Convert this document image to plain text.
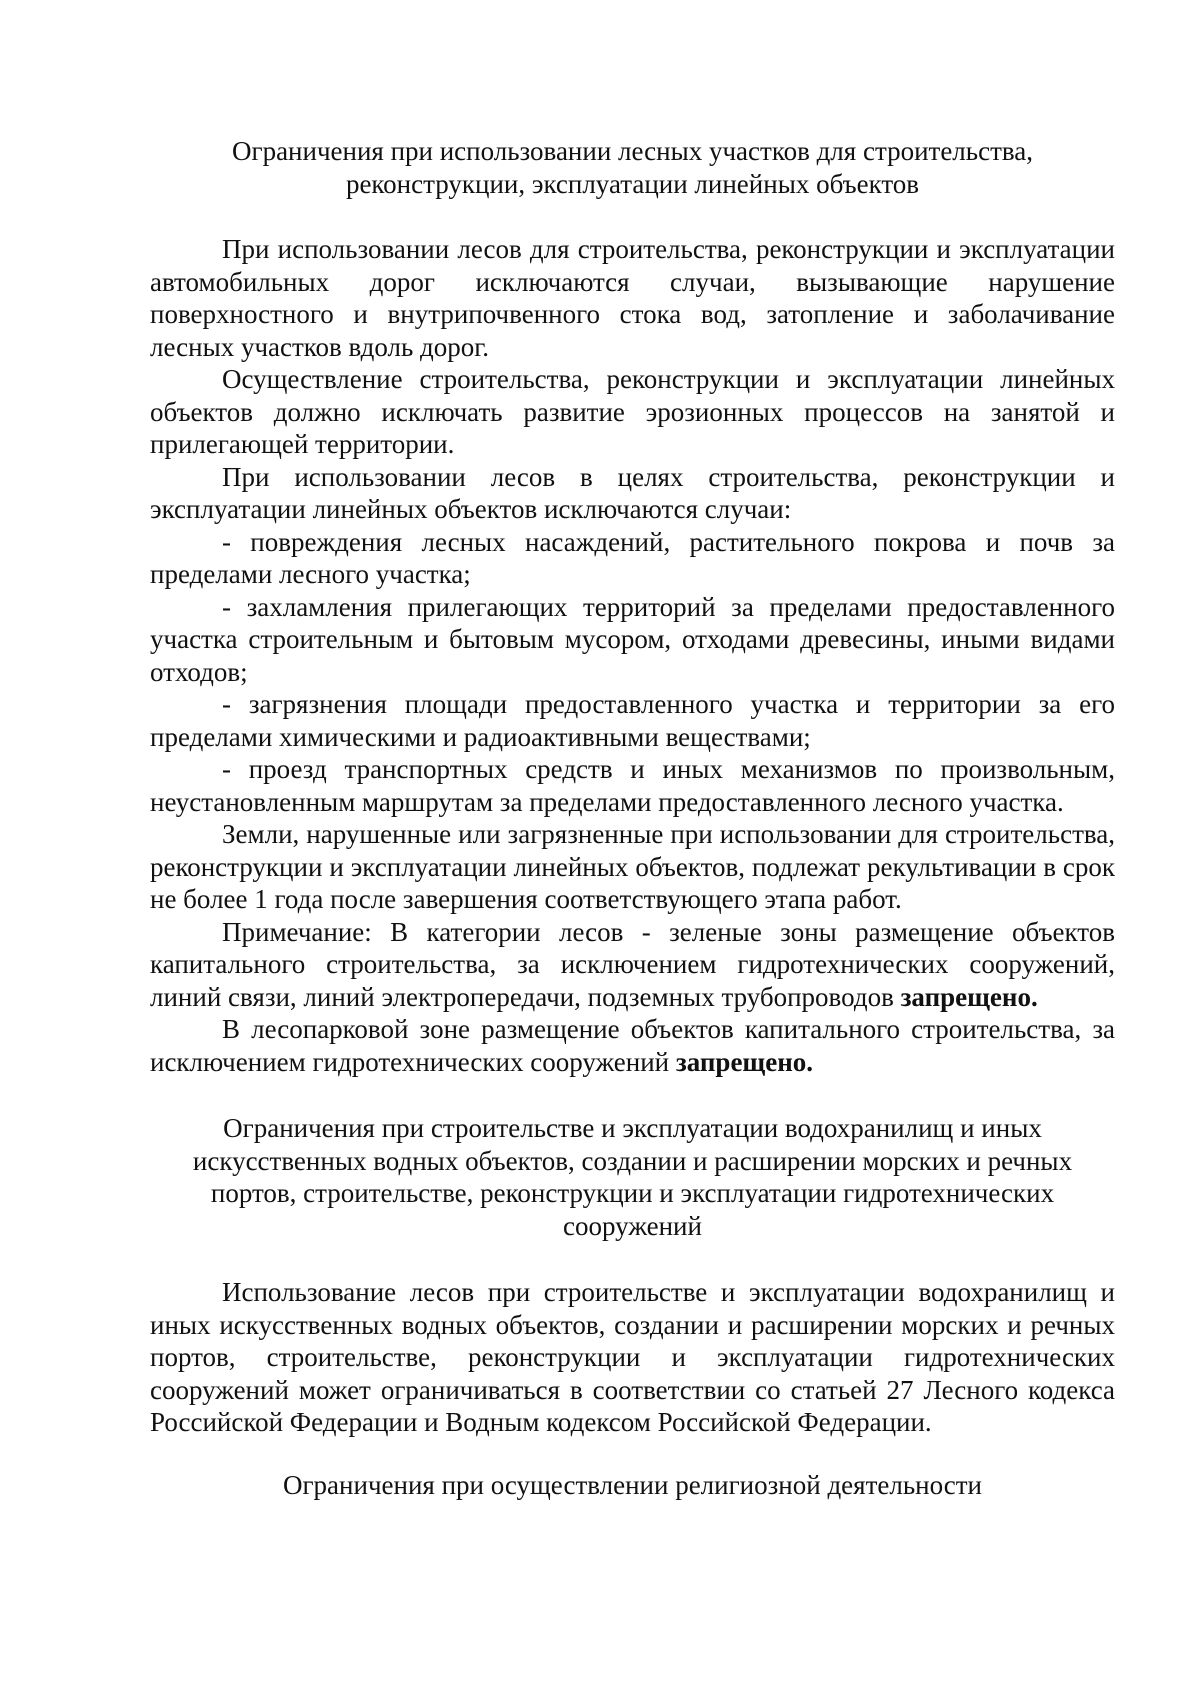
Ограничения при использовании лесных участков для строительства,
реконструкции, эксплуатации линейных объектов

При использовании лесов для строительства, реконструкции и эксплуатации автомобильных дорог исключаются случаи, вызывающие нарушение поверхностного и внутрипочвенного стока вод, затопление и заболачивание лесных участков вдоль дорог.

Осуществление строительства, реконструкции и эксплуатации линейных объектов должно исключать развитие эрозионных процессов на занятой и прилегающей территории.

При использовании лесов в целях строительства, реконструкции и эксплуатации линейных объектов исключаются случаи:

- повреждения лесных насаждений, растительного покрова и почв за пределами лесного участка;

- захламления прилегающих территорий за пределами предоставленного участка строительным и бытовым мусором, отходами древесины, иными видами отходов;

- загрязнения площади предоставленного участка и территории за его пределами химическими и радиоактивными веществами;

- проезд транспортных средств и иных механизмов по произвольным, неустановленным маршрутам за пределами предоставленного лесного участка.

Земли, нарушенные или загрязненные при использовании для строительства, реконструкции и эксплуатации линейных объектов, подлежат рекультивации в срок не более 1 года после завершения соответствующего этапа работ.

Примечание: В категории лесов - зеленые зоны размещение объектов капитального строительства, за исключением гидротехнических сооружений, линий связи, линий электропередачи, подземных трубопроводов запрещено.

В лесопарковой зоне размещение объектов капитального строительства, за исключением гидротехнических сооружений запрещено.

Ограничения при строительстве и эксплуатации водохранилищ и иных
искусственных водных объектов, создании и расширении морских и речных
портов, строительстве, реконструкции и эксплуатации гидротехнических
сооружений

Использование лесов при строительстве и эксплуатации водохранилищ и иных искусственных водных объектов, создании и расширении морских и речных портов, строительстве, реконструкции и эксплуатации гидротехнических сооружений может ограничиваться в соответствии со статьей 27 Лесного кодекса Российской Федерации и Водным кодексом Российской Федерации.

Ограничения при осуществлении религиозной деятельности
